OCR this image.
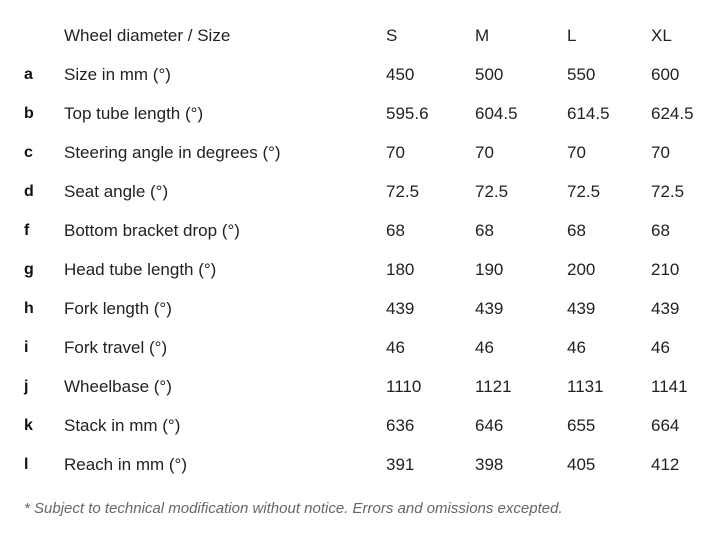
Wheel diameter / Size	S	M	L	XL
a Size in mm (°)	450	500	550	600
b Top tube length (°)	595.6	604.5	614.5 624.5
c Steering angle in degrees (°)	70	70	70	70
d Seat angle (°)	72.5	72.5	72.5	72.5
f Bottom bracket drop (°)	68	68	68	68
g Head tube length (°)	180	190	200	210
h Fork length (°)	439	439	439	439
i Fork travel (°)	46	46	46	46
j Wheelbase (°)	1110	1121	1131	1141
k Stack in mm (°)	636	646	655	664
l Reach in mm (°)	391	398	405	412
* Subject to technical modification without notice. Errors and omissions excepted.
